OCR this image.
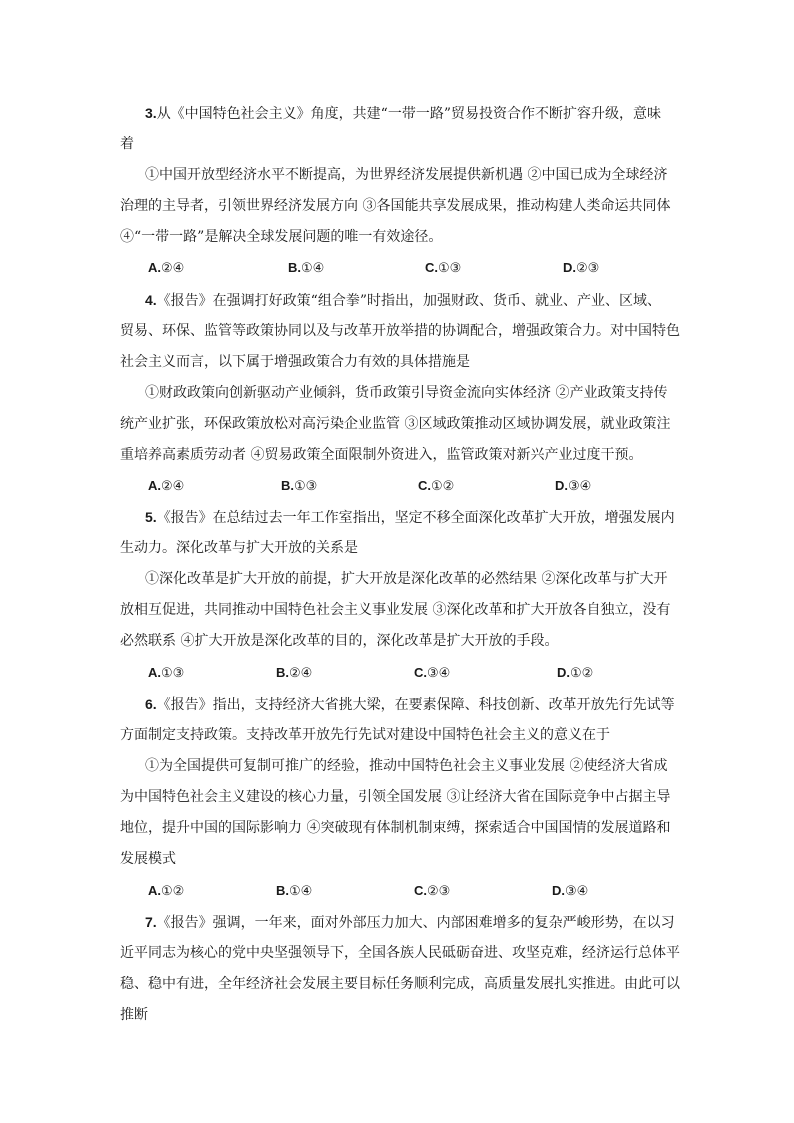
3.从《中国特色社会主义》角度，共建“一带一路”贸易投资合作不断扩容升级，意味
着
①中国开放型经济水平不断提高，为世界经济发展提供新机遇 ②中国已成为全球经济
治理的主导者，引领世界经济发展方向 ③各国能共享发展成果，推动构建人类命运共同体
④“一带一路”是解决全球发展问题的唯一有效途径。
A.②④	B.①④	C.①③	D.②③
4.《报告》在强调打好政策“组合拳”时指出，加强财政、货币、就业、产业、区域、
贸易、环保、监管等政策协同以及与改革开放举措的协调配合，增强政策合力。对中国特色
社会主义而言，以下属于增强政策合力有效的具体措施是
①财政政策向创新驱动产业倾斜，货币政策引导资金流向实体经济 ②产业政策支持传
统产业扩张，环保政策放松对高污染企业监管 ③区域政策推动区域协调发展，就业政策注
重培养高素质劳动者 ④贸易政策全面限制外资进入，监管政策对新兴产业过度干预。
A.②④	B.①③	C.①②	D.③④
5.《报告》在总结过去一年工作室指出，坚定不移全面深化改革扩大开放，增强发展内
生动力。深化改革与扩大开放的关系是
①深化改革是扩大开放的前提，扩大开放是深化改革的必然结果 ②深化改革与扩大开
放相互促进，共同推动中国特色社会主义事业发展 ③深化改革和扩大开放各自独立，没有
必然联系 ④扩大开放是深化改革的目的，深化改革是扩大开放的手段。
A.①③	B.②④	C.③④	D.①②
6.《报告》指出，支持经济大省挑大梁，在要素保障、科技创新、改革开放先行先试等
方面制定支持政策。支持改革开放先行先试对建设中国特色社会主义的意义在于
①为全国提供可复制可推广的经验，推动中国特色社会主义事业发展 ②使经济大省成
为中国特色社会主义建设的核心力量，引领全国发展 ③让经济大省在国际竞争中占据主导
地位，提升中国的国际影响力 ④突破现有体制机制束缚，探索适合中国国情的发展道路和
发展模式
A.①②	B.①④	C.②③	D.③④
7.《报告》强调，一年来，面对外部压力加大、内部困难增多的复杂严峻形势，在以习
近平同志为核心的党中央坚强领导下，全国各族人民砥砺奋进、攻坚克难，经济运行总体平
稳、稳中有进，全年经济社会发展主要目标任务顺利完成，高质量发展扎实推进。由此可以
推断
